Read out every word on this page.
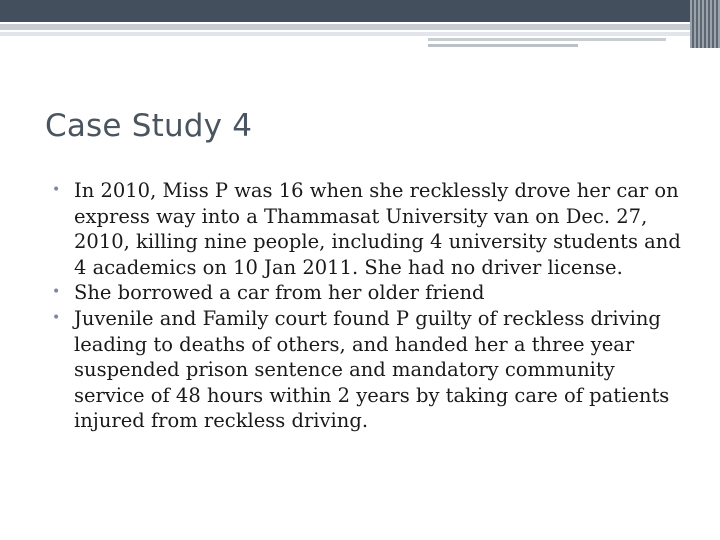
Case Study 4
• In 2010, Miss P was 16 when she recklessly drove her car on express way into a Thammasat University van on Dec. 27, 2010, killing nine people, including 4 university students and 4 academics on 10 Jan 2011. She had no driver license.
• She borrowed a car from her older friend
• Juvenile and Family court found P guilty of reckless driving leading to deaths of others, and handed her a three year suspended prison sentence and mandatory community service of 48 hours within 2 years by taking care of patients injured from reckless driving.
